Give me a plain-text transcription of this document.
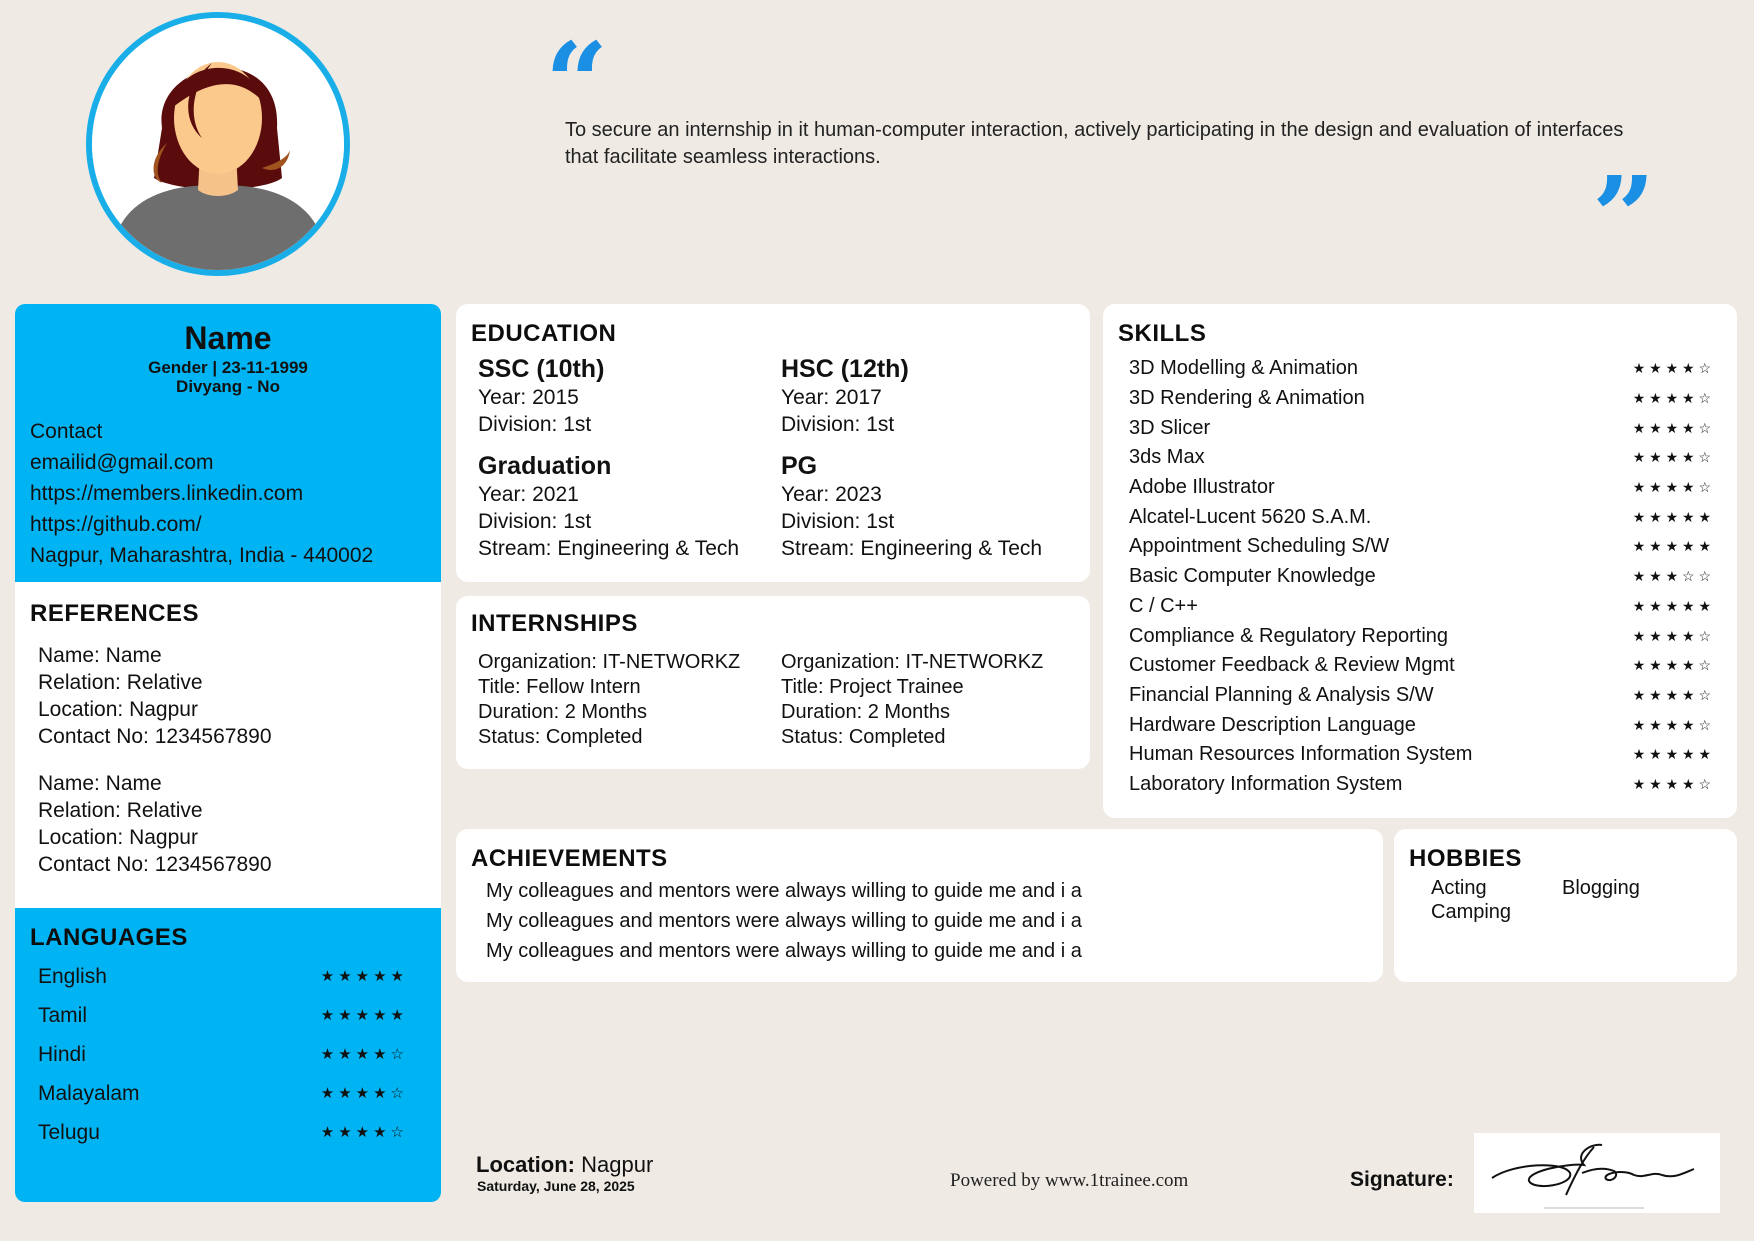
“
To secure an internship in it human-computer interaction, actively participating in the design and evaluation of interfaces that facilitate seamless interactions.	”
Name
Gender | 23-11-1999
Divyang - No
Contact
emailid@gmail.com
https://members.linkedin.com
https://github.com/
Nagpur, Maharashtra, India - 440002
REFERENCES
Name: Name
Relation: Relative
Location: Nagpur
Contact No: 1234567890
Name: Name
Relation: Relative
Location: Nagpur
Contact No: 1234567890
LANGUAGES
English	★★★★★
Tamil	★★★★★
Hindi	★★★★☆
Malayalam	★★★★☆
Telugu	★★★★☆
EDUCATION
SSC (10th)
Year: 2015
Division: 1st
HSC (12th)
Year: 2017
Division: 1st
Graduation
Year: 2021
Division: 1st
Stream: Engineering & Tech
PG
Year: 2023
Division: 1st
Stream: Engineering & Tech
INTERNSHIPS
Organization: IT-NETWORKZ
Title: Fellow Intern
Duration: 2 Months
Status: Completed
Organization: IT-NETWORKZ
Title: Project Trainee
Duration: 2 Months
Status: Completed
SKILLS
3D Modelling & Animation	★ ★ ★ ★ ☆
3D Rendering & Animation	★ ★ ★ ★ ☆
3D Slicer	★ ★ ★ ★ ☆
3ds Max	★ ★ ★ ★ ☆
Adobe Illustrator	★ ★ ★ ★ ☆
Alcatel-Lucent 5620 S.A.M.	★ ★ ★ ★ ★
Appointment Scheduling S/W	★ ★ ★ ★ ★
Basic Computer Knowledge	★ ★ ★ ☆ ☆
C / C++	★ ★ ★ ★ ★
Compliance & Regulatory Reporting	★ ★ ★ ★ ☆
Customer Feedback & Review Mgmt	★ ★ ★ ★ ☆
Financial Planning & Analysis S/W	★ ★ ★ ★ ☆
Hardware Description Language	★ ★ ★ ★ ☆
Human Resources Information System	★ ★ ★ ★ ★
Laboratory Information System	★ ★ ★ ★ ☆
ACHIEVEMENTS
My colleagues and mentors were always willing to guide me and i a
My colleagues and mentors were always willing to guide me and i a
My colleagues and mentors were always willing to guide me and i a
HOBBIES
Acting	Blogging
Camping
Location: Nagpur
Saturday, June 28, 2025	Powered by www.1trainee.com	Signature:
